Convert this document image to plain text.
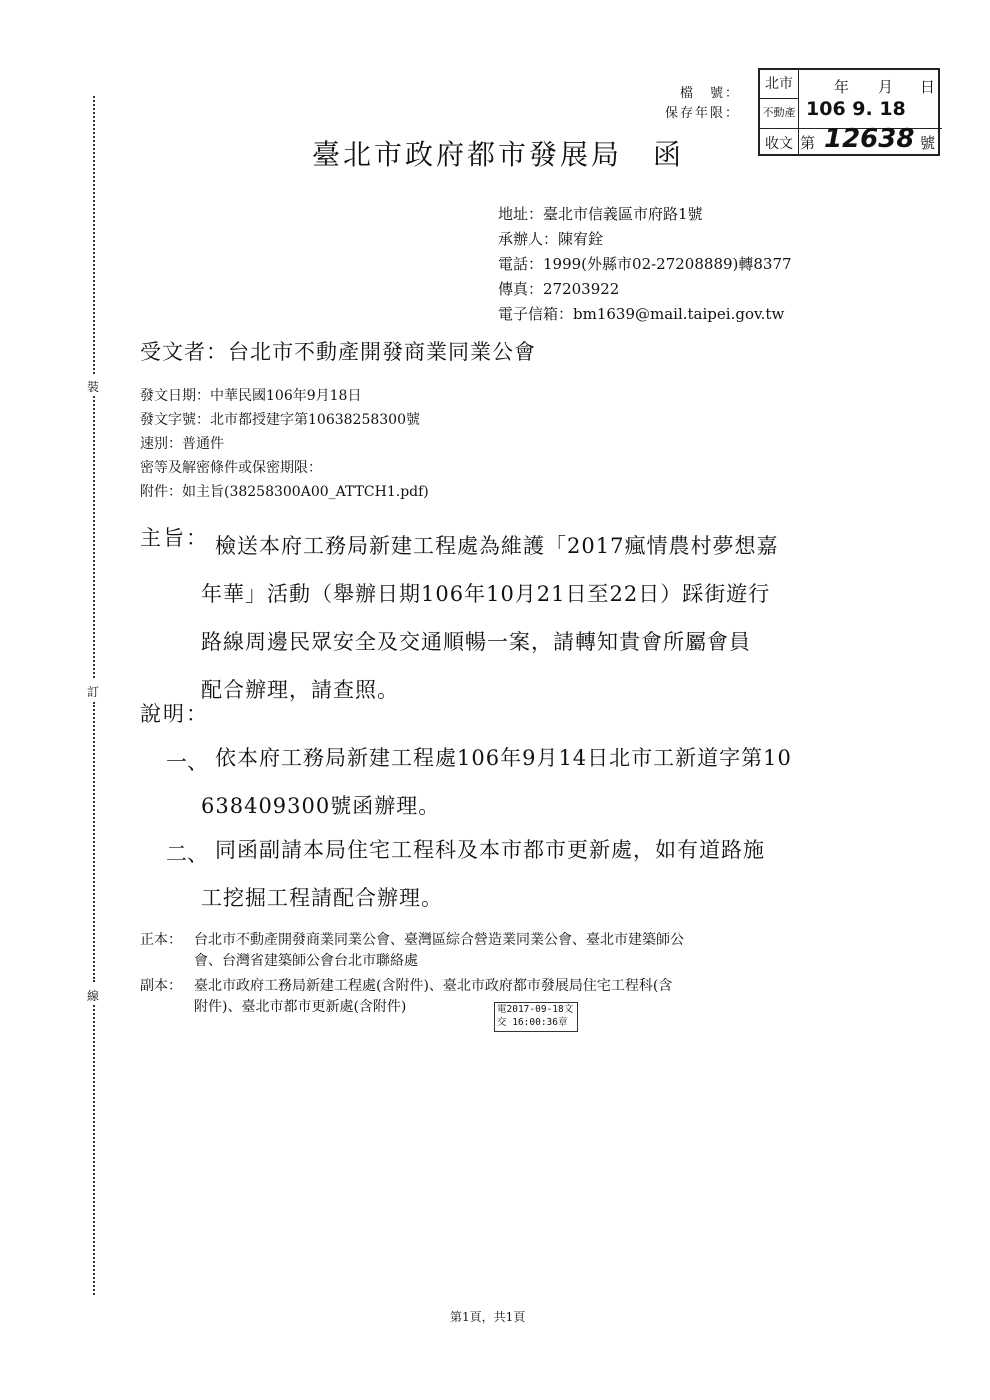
裝
訂
線
檔　號：
保存年限：
北市
不動產
收文
年 月 日
106 9. 18
第 12638 號
臺北市政府都市發展局　函
地址：臺北市信義區市府路1號
承辦人：陳宥銓
電話：1999(外縣市02-27208889)轉8377
傳真：27203922
電子信箱：bm1639@mail.taipei.gov.tw
受文者：台北市不動產開發商業同業公會
發文日期：中華民國106年9月18日
發文字號：北市都授建字第10638258300號
速別：普通件
密等及解密條件或保密期限：
附件：如主旨(38258300A00_ATTCH1.pdf)
主旨： 檢送本府工務局新建工程處為維護「2017瘋情農村夢想嘉
年華」活動（舉辦日期106年10月21日至22日）踩街遊行
路線周邊民眾安全及交通順暢一案，請轉知貴會所屬會員
配合辦理，請查照。
說明：
一、 依本府工務局新建工程處106年9月14日北市工新道字第10
638409300號函辦理。
二、 同函副請本局住宅工程科及本市都市更新處，如有道路施
工挖掘工程請配合辦理。
正本： 台北市不動產開發商業同業公會、臺灣區綜合營造業同業公會、臺北市建築師公
會、台灣省建築師公會台北市聯絡處
副本： 臺北市政府工務局新建工程處(含附件)、臺北市政府都市發展局住宅工程科(含
附件)、臺北市都市更新處(含附件)	電2017-09-18文
交 16:00:36章
第1頁，共1頁
